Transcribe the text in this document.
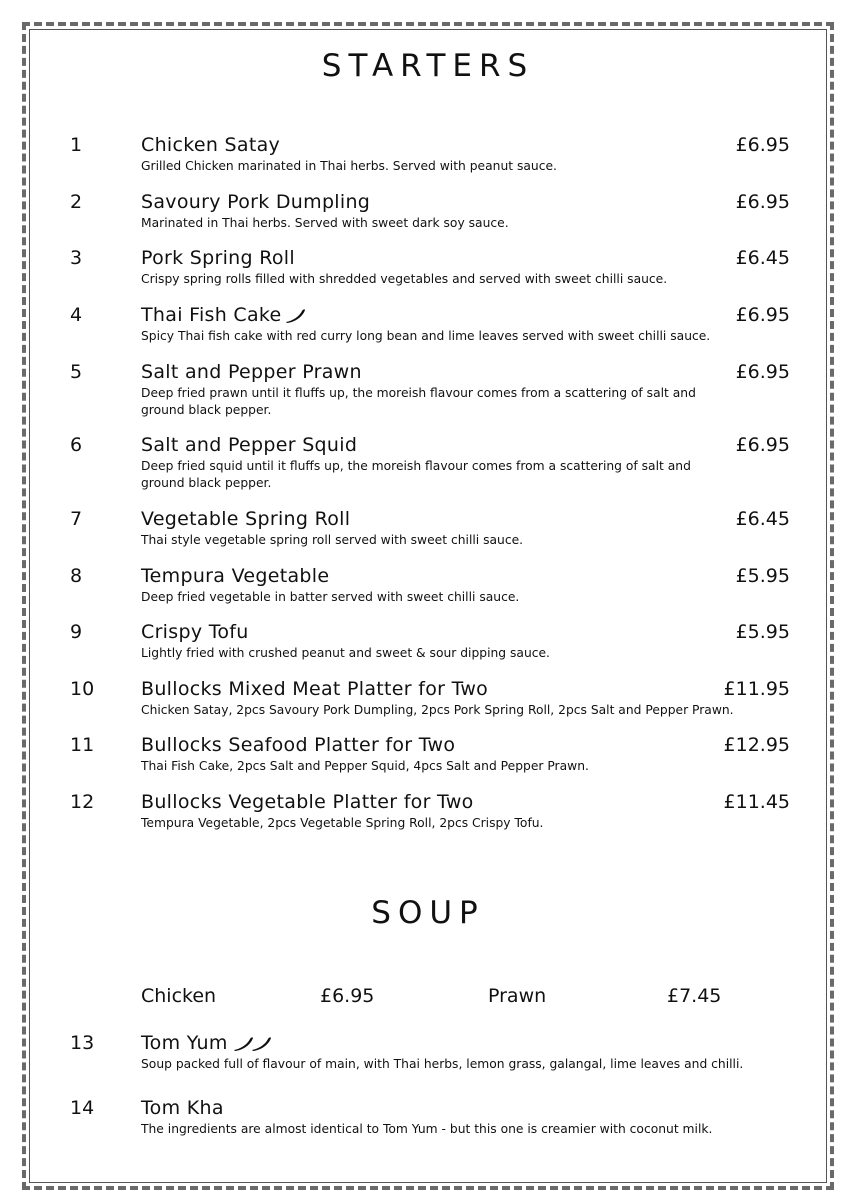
STARTERS
1	Chicken Satay	£6.95
Grilled Chicken marinated in Thai herbs. Served with peanut sauce.
2	Savoury Pork Dumpling	£6.95
Marinated in Thai herbs. Served with sweet dark soy sauce.
3	Pork Spring Roll	£6.45
Crispy spring rolls filled with shredded vegetables and served with sweet chilli sauce.
4	Thai Fish Cake	£6.95
Spicy Thai fish cake with red curry long bean and lime leaves served with sweet chilli sauce.
5	Salt and Pepper Prawn	£6.95
Deep fried prawn until it fluffs up, the moreish flavour comes from a scattering of salt and ground black pepper.
6	Salt and Pepper Squid	£6.95
Deep fried squid until it fluffs up, the moreish flavour comes from a scattering of salt and ground black pepper.
7	Vegetable Spring Roll	£6.45
Thai style vegetable spring roll served with sweet chilli sauce.
8	Tempura Vegetable	£5.95
Deep fried vegetable in batter served with sweet chilli sauce.
9	Crispy Tofu	£5.95
Lightly fried with crushed peanut and sweet & sour dipping sauce.
10 Bullocks Mixed Meat Platter for Two	£11.95
Chicken Satay, 2pcs Savoury Pork Dumpling, 2pcs Pork Spring Roll, 2pcs Salt and Pepper Prawn.
11 Bullocks Seafood Platter for Two	£12.95
Thai Fish Cake, 2pcs Salt and Pepper Squid, 4pcs Salt and Pepper Prawn.
12 Bullocks Vegetable Platter for Two	£11.45
Tempura Vegetable, 2pcs Vegetable Spring Roll, 2pcs Crispy Tofu.
SOUP
Chicken	£6.95	Prawn	£7.45
13 Tom Yum
Soup packed full of flavour of main, with Thai herbs, lemon grass, galangal, lime leaves and chilli.
14 Tom Kha
The ingredients are almost identical to Tom Yum - but this one is creamier with coconut milk.
